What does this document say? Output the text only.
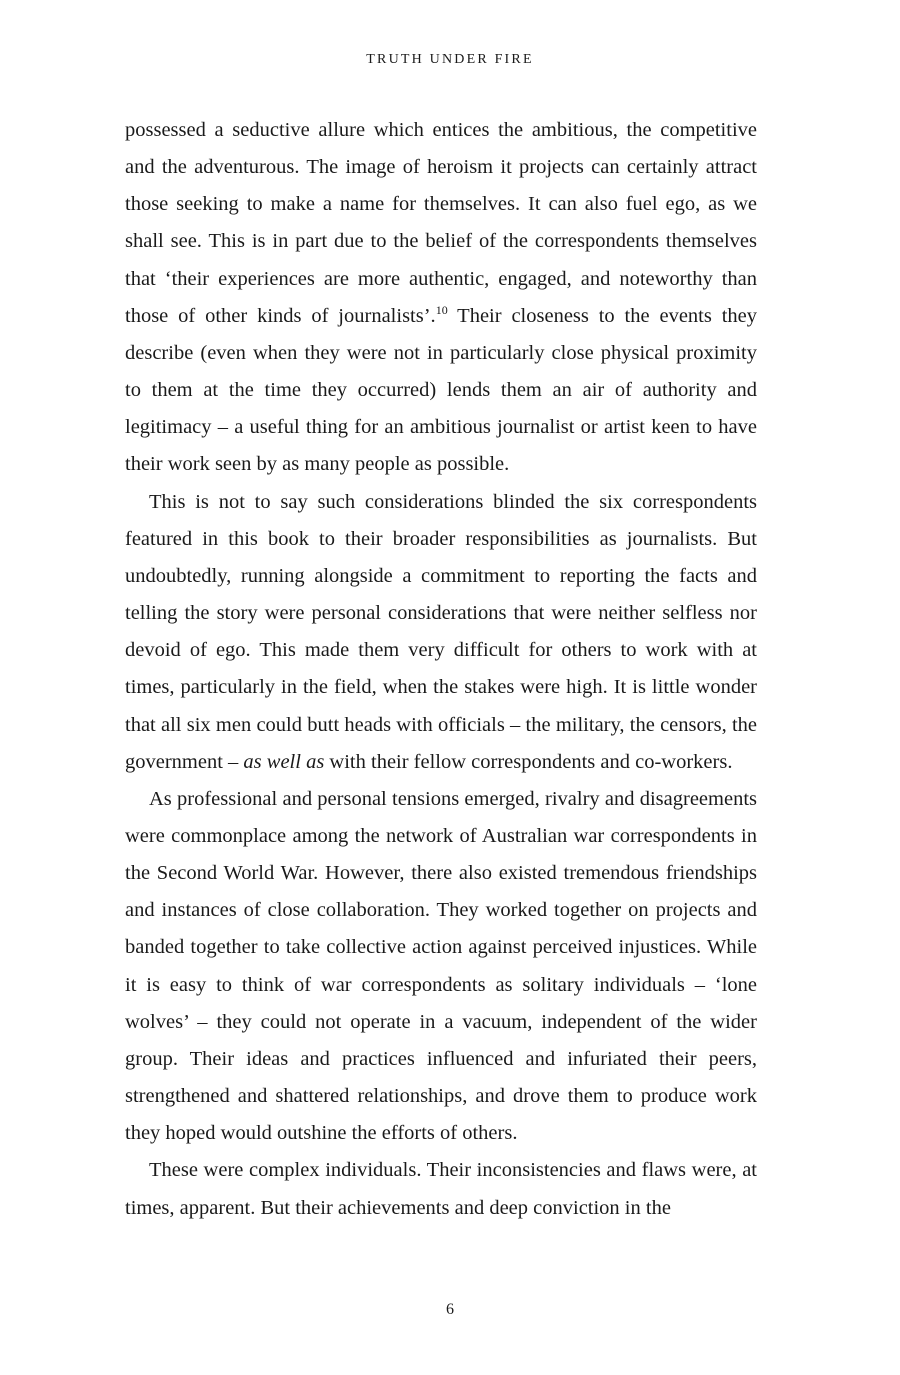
TRUTH UNDER FIRE

possessed a seductive allure which entices the ambitious, the competitive and the adventurous. The image of heroism it projects can certainly attract those seeking to make a name for themselves. It can also fuel ego, as we shall see. This is in part due to the belief of the correspondents themselves that ‘their experiences are more authentic, engaged, and noteworthy than those of other kinds of journalists’.$^{10}$ Their closeness to the events they describe (even when they were not in particularly close physical proximity to them at the time they occurred) lends them an air of authority and legitimacy – a useful thing for an ambitious journalist or artist keen to have their work seen by as many people as possible.

This is not to say such considerations blinded the six correspondents featured in this book to their broader responsibilities as journalists. But undoubtedly, running alongside a commitment to reporting the facts and telling the story were personal considerations that were neither selfless nor devoid of ego. This made them very difficult for others to work with at times, particularly in the field, when the stakes were high. It is little wonder that all six men could butt heads with officials – the military, the censors, the government – as well as with their fellow correspondents and co-workers.

As professional and personal tensions emerged, rivalry and disagreements were commonplace among the network of Australian war correspondents in the Second World War. However, there also existed tremendous friendships and instances of close collaboration. They worked together on projects and banded together to take collective action against perceived injustices. While it is easy to think of war correspondents as solitary individuals – ‘lone wolves’ – they could not operate in a vacuum, independent of the wider group. Their ideas and practices influenced and infuriated their peers, strengthened and shattered relationships, and drove them to produce work they hoped would outshine the efforts of others.

These were complex individuals. Their inconsistencies and flaws were, at times, apparent. But their achievements and deep conviction in the

6
